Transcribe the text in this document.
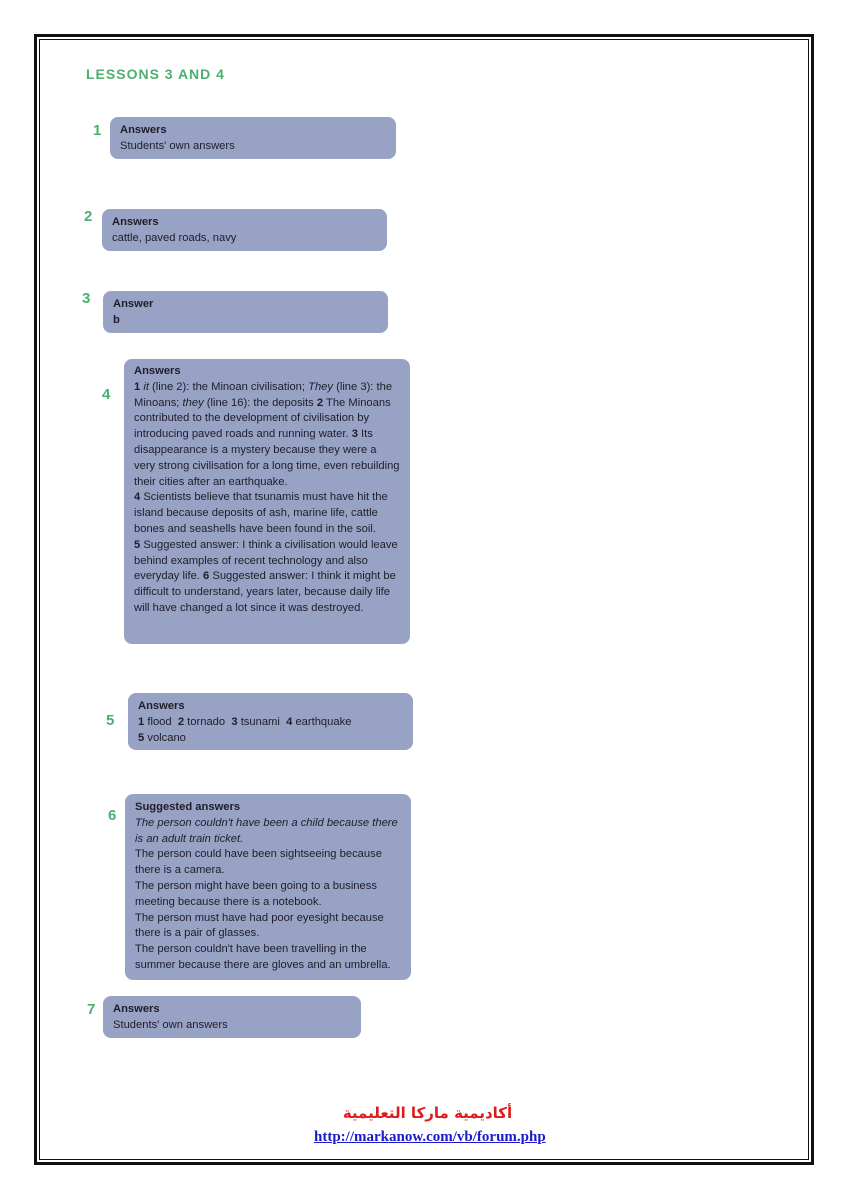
LESSONS 3 AND 4
1 Answers

Students' own answers

2 Answers

cattle, paved roads, navy

3 Answer

b

4

Answers

1 it (line 2): the Minoan civilisation; They (line 3): the Minoans; they (line 16): the deposits 2 The Minoans contributed to the development of civilisation by introducing paved roads and running water. 3 Its disappearance is a mystery because they were a very strong civilisation for a long time, even rebuilding their cities after an earthquake.
4 Scientists believe that tsunamis must have hit the island because deposits of ash, marine life, cattle bones and seashells have been found in the soil.
5 Suggested answer: I think a civilisation would leave behind examples of recent technology and also everyday life. 6 Suggested answer: I think it might be difficult to understand, years later, because daily life will have changed a lot since it was destroyed.

5

Answers

1 flood 2 tornado 3 tsunami 4 earthquake
5 volcano

6 Suggested answers

The person couldn't have been a child because there is an adult train ticket.

The person could have been sightseeing because there is a camera.

The person might have been going to a business meeting because there is a notebook.

The person must have had poor eyesight because there is a pair of glasses.

The person couldn't have been travelling in the summer because there are gloves and an umbrella.

7 Answers

Students' own answers

أكاديمية ماركا التعليمية
http://markanow.com/vb/forum.php
